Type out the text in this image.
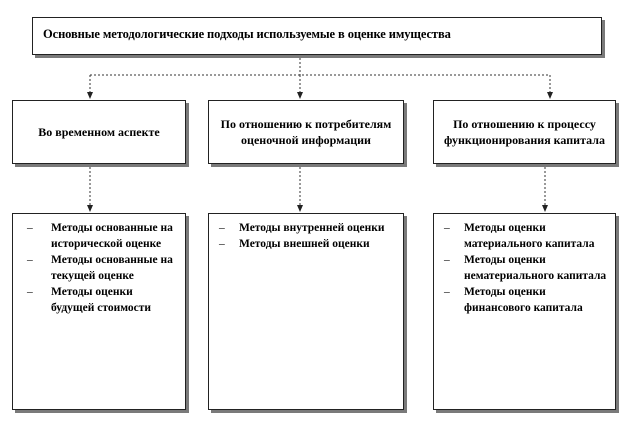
Основные методологические подходы используемые в оценке имущества
Во временном аспекте
По отношению к потребителям оценочной информации
По отношению к процессу функционирования капитала
– Методы основанные на исторической оценке
– Методы основанные на текущей оценке
– Методы оценки будущей стоимости
– Методы внутренней оценки
– Методы внешней оценки
– Методы оценки материального капитала
– Методы оценки нематериального капитала
– Методы оценки финансового капитала
